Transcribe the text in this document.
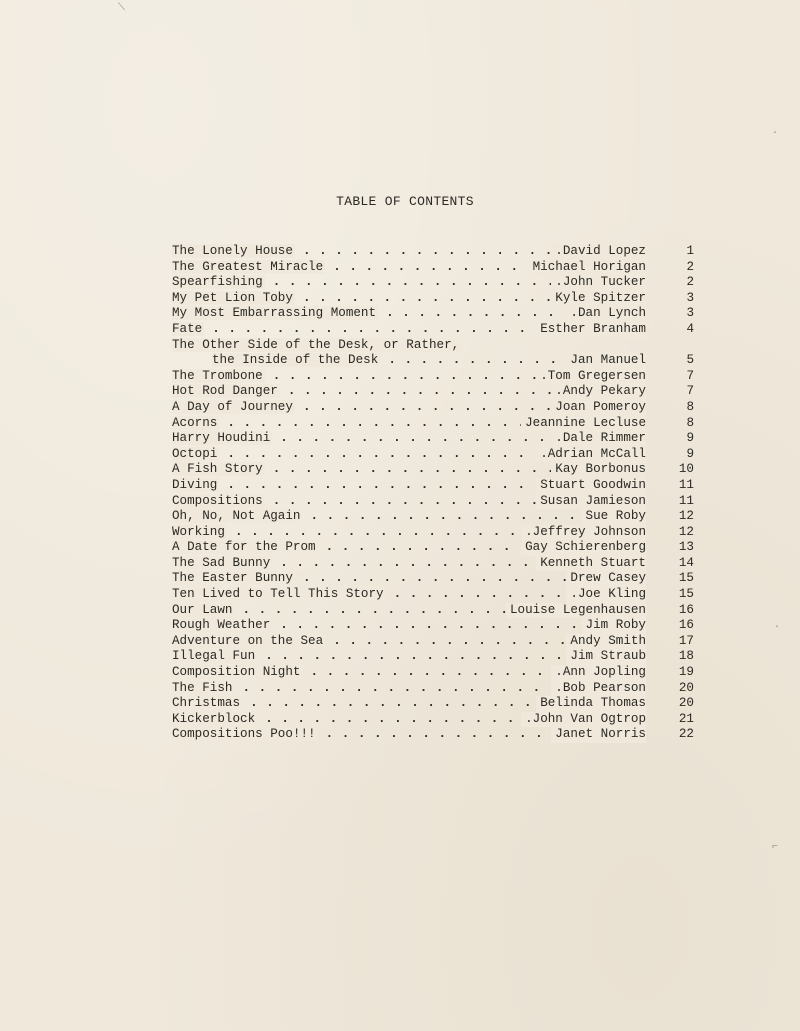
TABLE OF CONTENTS
The Lonely House . . .	.David Lopez	1
The Greatest Miracle . . .	Michael Horigan	2
Spearfishing . . .	.John Tucker	2
My Pet Lion Toby . . .	Kyle Spitzer	3
My Most Embarrassing Moment . . .	.Dan Lynch	3
Fate . . .	Esther Branham	4
The Other Side of the Desk, or Rather,
the Inside of the Desk . . .	Jan Manuel	5
The Trombone . . .	.Tom Gregersen	7
Hot Rod Danger . . .	.Andy Pekary	7
A Day of Journey . . .	Joan Pomeroy	8
Acorns . . .	Jeannine Lecluse	8
Harry Houdini . . .	.Dale Rimmer	9
Octopi . . .	.Adrian McCall	9
A Fish Story . . .	Kay Borbonus	10
Diving . . .	Stuart Goodwin	11
Compositions . . .	Susan Jamieson	11
Oh, No, Not Again . . .	Sue Roby	12
Working . . .	.Jeffrey Johnson	12
A Date for the Prom . . .	Gay Schierenberg	13
The Sad Bunny . . .	Kenneth Stuart	14
The Easter Bunny . . .	Drew Casey	15
Ten Lived to Tell This Story . . .	.Joe Kling	15
Our Lawn . . .	Louise Legenhausen	16
Rough Weather . . .	Jim Roby	16
Adventure on the Sea . . .	Andy Smith	17
Illegal Fun . . .	Jim Straub	18
Composition Night . . .	.Ann Jopling	19
The Fish . . .	.Bob Pearson	20
Christmas . . .	Belinda Thomas	20
Kickerblock . . .	.John Van Ogtrop	21
Compositions Poo!!! . . .	Janet Norris	22
⟍
·
·
⌐
